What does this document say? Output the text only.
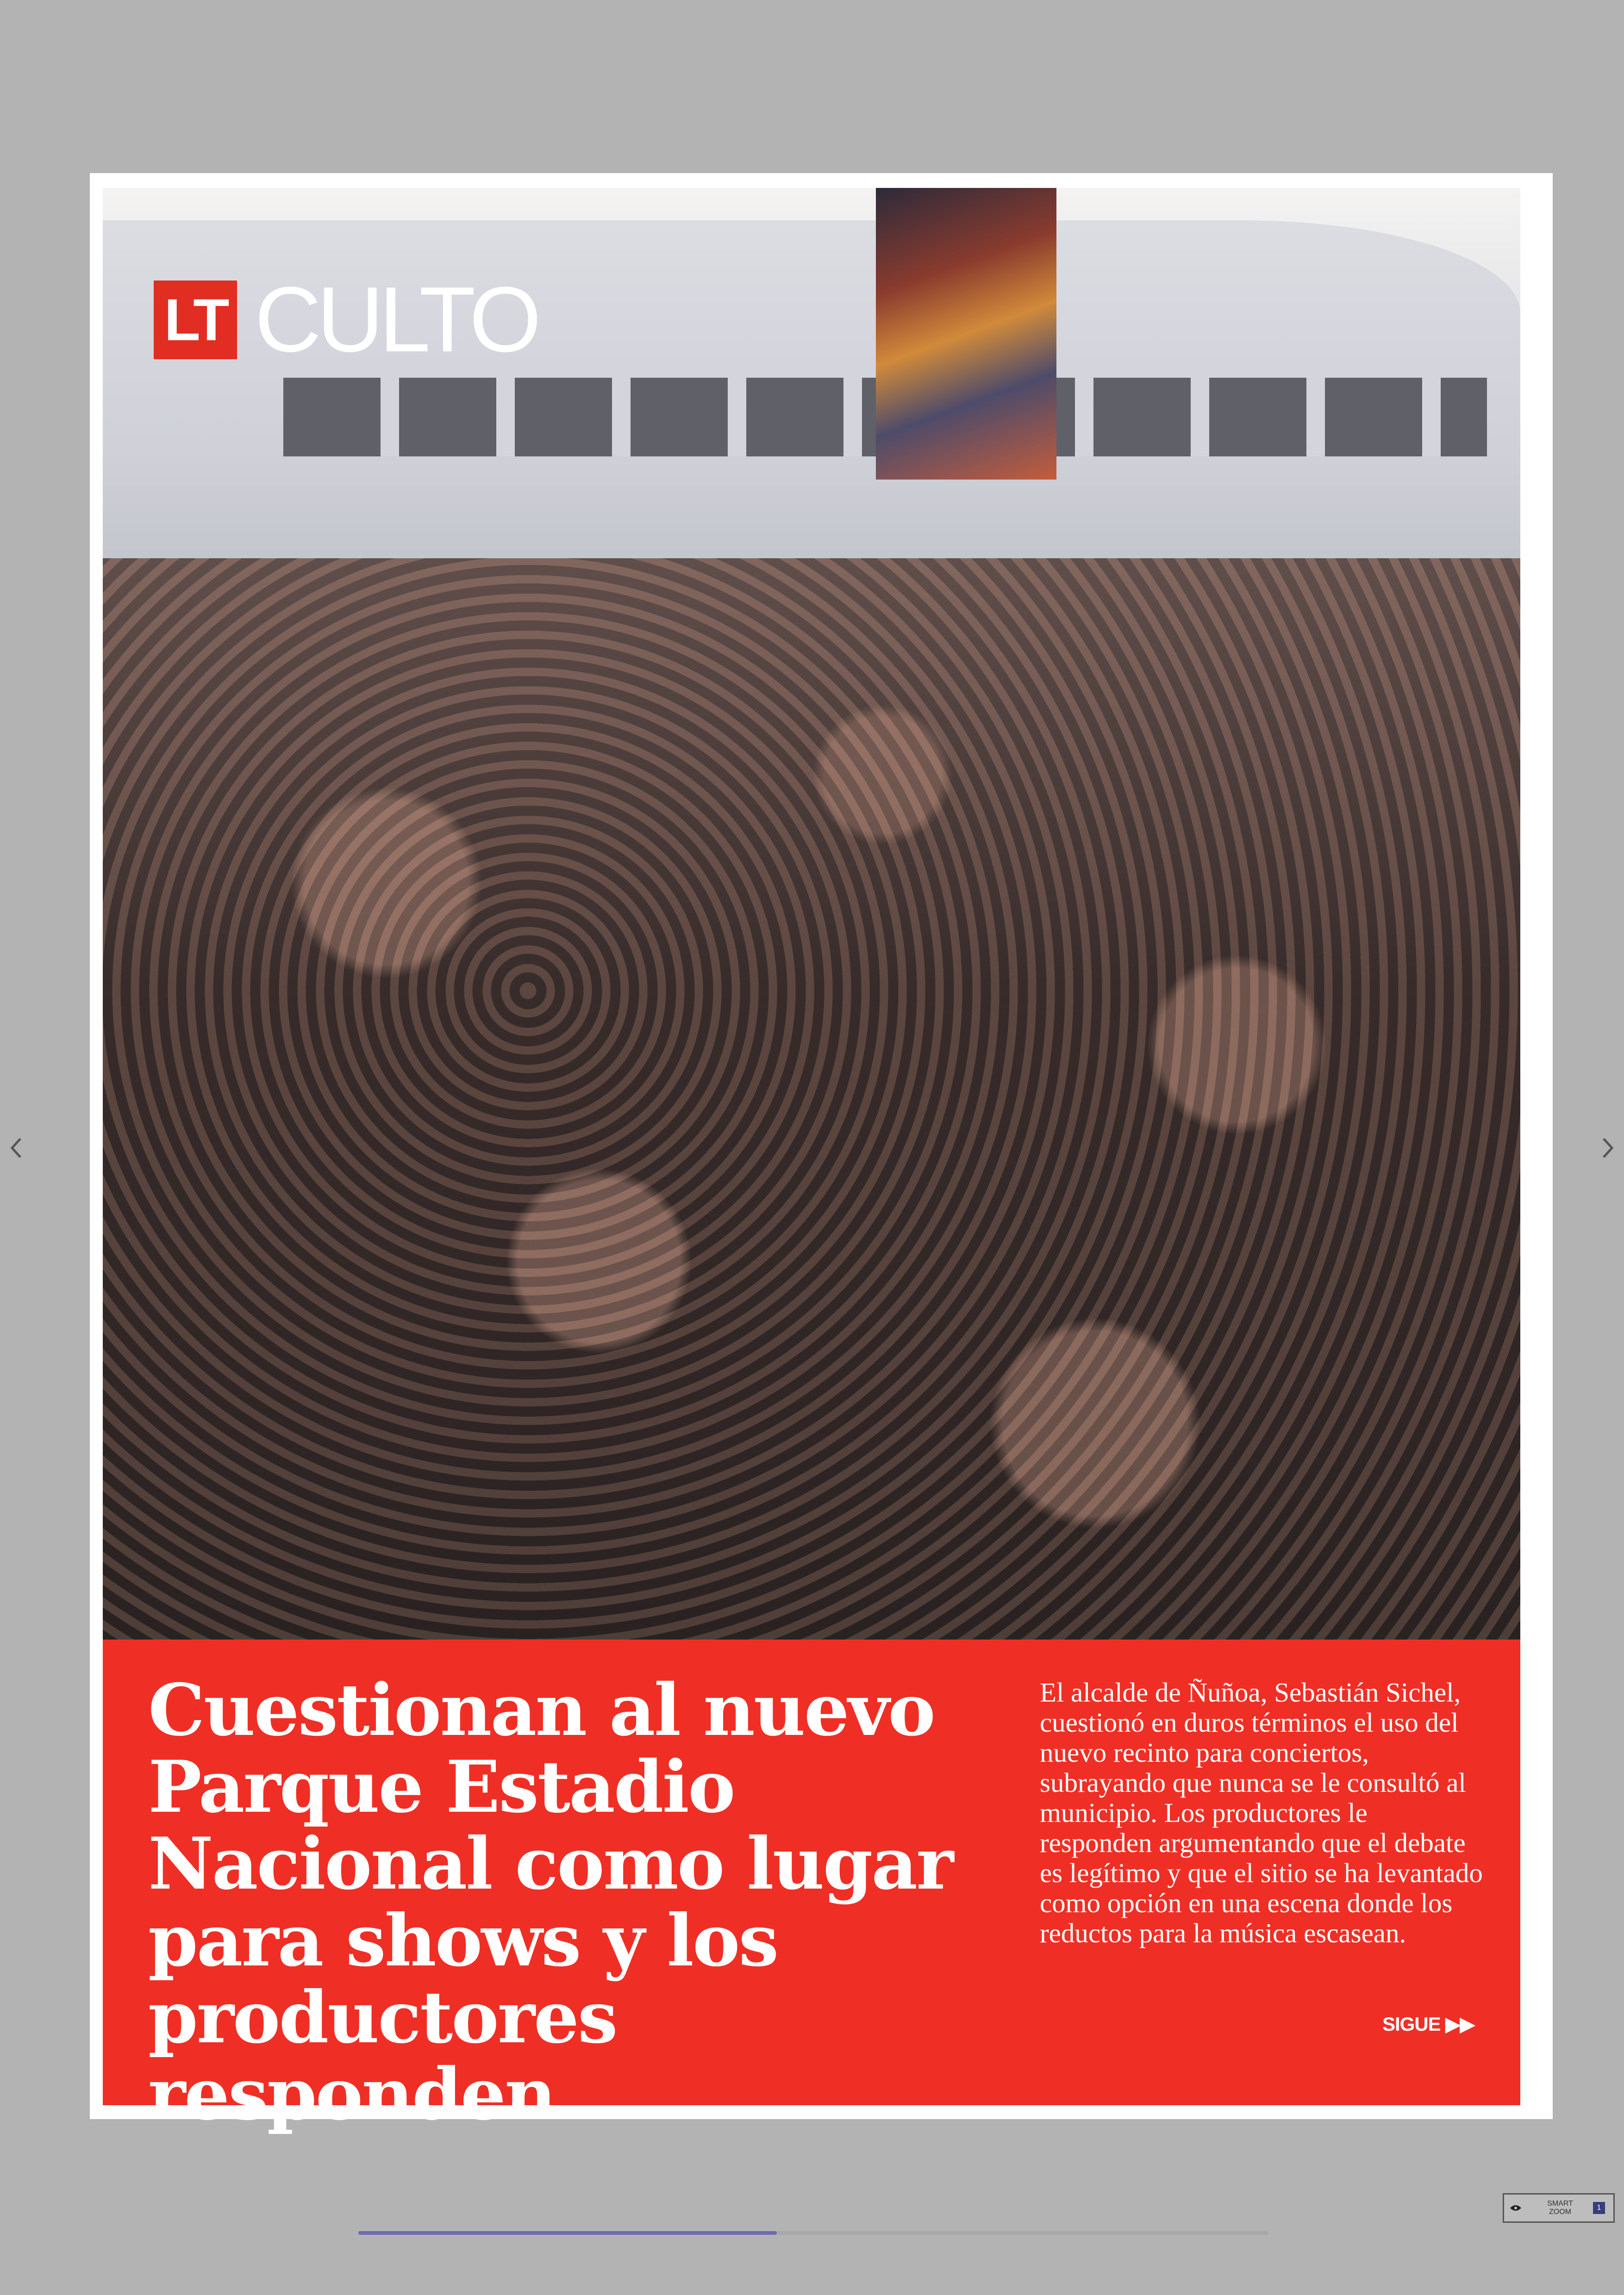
LT CULTO
Cuestionan al nuevo Parque Estadio Nacional como lugar para shows y los productores responden

El alcalde de Ñuñoa, Sebastián Sichel, cuestionó en duros términos el uso del nuevo recinto para conciertos, subrayando que nunca se le consultó al municipio. Los productores le responden argumentando que el debate es legítimo y que el sitio se ha levantado como opción en una escena donde los reductos para la música escasean.

SIGUE ▶▶
SMART
ZOOM
1
